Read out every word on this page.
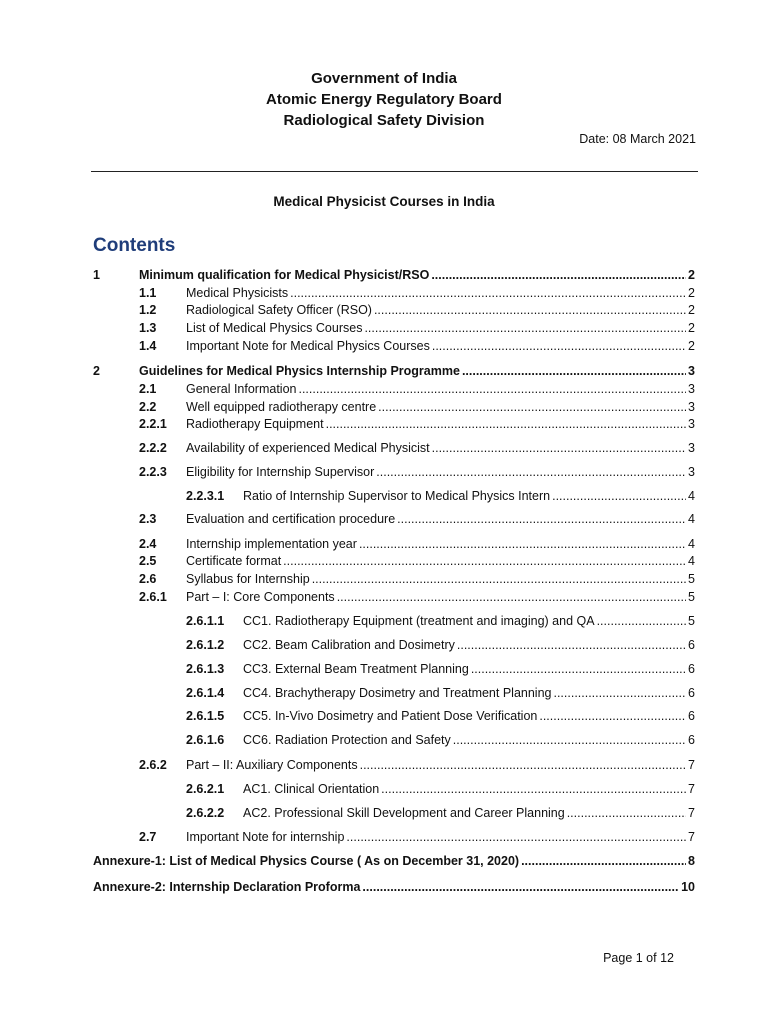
Government of India
Atomic Energy Regulatory Board
Radiological Safety Division
Date: 08 March 2021
Medical Physicist Courses in India
Contents
1	Minimum qualification for Medical Physicist/RSO .....	2
1.1	Medical Physicists .....	2
1.2	Radiological Safety Officer (RSO) .....	2
1.3	List of Medical Physics Courses .....	2
1.4	Important Note for Medical Physics Courses .....	2
2	Guidelines for Medical Physics Internship Programme .....	3
2.1	General Information .....	3
2.2	Well equipped radiotherapy centre .....	3
2.2.1	Radiotherapy Equipment .....	3
2.2.2	Availability of experienced Medical Physicist .....	3
2.2.3	Eligibility for Internship Supervisor .....	3
2.2.3.1	Ratio of Internship Supervisor to Medical Physics Intern .....	4
2.3	Evaluation and certification procedure .....	4
2.4	Internship implementation year .....	4
2.5	Certificate format .....	4
2.6	Syllabus for Internship .....	5
2.6.1	Part – I: Core Components .....	5
2.6.1.1	CC1. Radiotherapy Equipment (treatment and imaging) and QA .....	5
2.6.1.2	CC2. Beam Calibration and Dosimetry .....	6
2.6.1.3	CC3. External Beam Treatment Planning .....	6
2.6.1.4	CC4. Brachytherapy Dosimetry and Treatment Planning .....	6
2.6.1.5	CC5. In-Vivo Dosimetry and Patient Dose Verification .....	6
2.6.1.6	CC6. Radiation Protection and Safety .....	6
2.6.2	Part – II: Auxiliary Components .....	7
2.6.2.1	AC1. Clinical Orientation .....	7
2.6.2.2	AC2. Professional Skill Development and Career Planning .....	7
2.7	Important Note for internship .....	7
Annexure-1: List of Medical Physics Course ( As on December 31, 2020) .....	8
Annexure-2: Internship Declaration Proforma .....	10
Page 1 of 12
